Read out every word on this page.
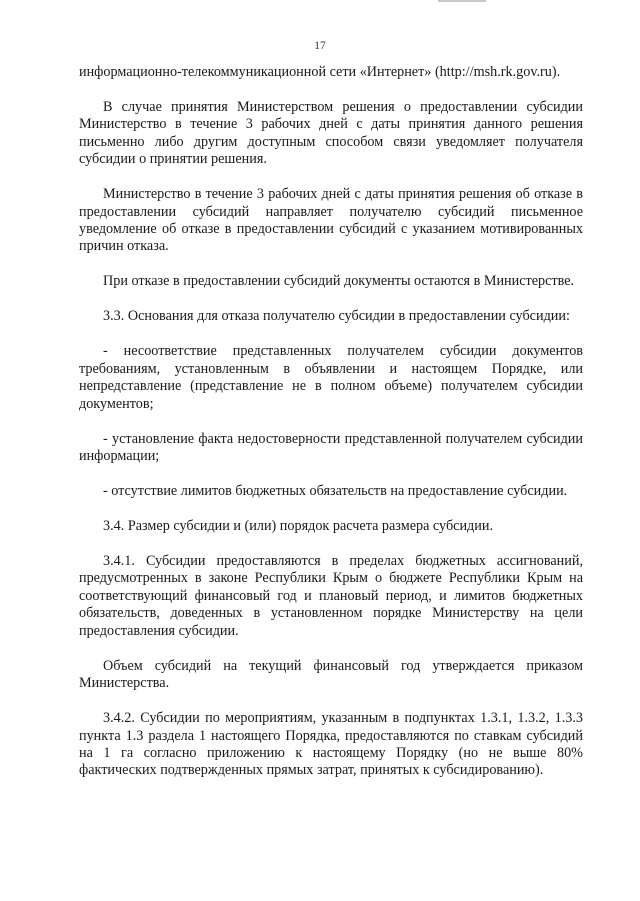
17

информационно-телекоммуникационной сети «Интернет» (http://msh.rk.gov.ru).

В случае принятия Министерством решения о предоставлении субсидии Министерство в течение 3 рабочих дней с даты принятия данного решения письменно либо другим доступным способом связи уведомляет получателя субсидии о принятии решения.

Министерство в течение 3 рабочих дней с даты принятия решения об отказе в предоставлении субсидий направляет получателю субсидий письменное уведомление об отказе в предоставлении субсидий с указанием мотивированных причин отказа.

При отказе в предоставлении субсидий документы остаются в Министерстве.

3.3. Основания для отказа получателю субсидии в предоставлении субсидии:

- несоответствие представленных получателем субсидии документов требованиям, установленным в объявлении и настоящем Порядке, или непредставление (представление не в полном объеме) получателем субсидии документов;

- установление факта недостоверности представленной получателем субсидии информации;

- отсутствие лимитов бюджетных обязательств на предоставление субсидии.

3.4. Размер субсидии и (или) порядок расчета размера субсидии.

3.4.1. Субсидии предоставляются в пределах бюджетных ассигнований, предусмотренных в законе Республики Крым о бюджете Республики Крым на соответствующий финансовый год и плановый период, и лимитов бюджетных обязательств, доведенных в установленном порядке Министерству на цели предоставления субсидии.

Объем субсидий на текущий финансовый год утверждается приказом Министерства.

3.4.2. Субсидии по мероприятиям, указанным в подпунктах 1.3.1, 1.3.2, 1.3.3 пункта 1.3 раздела 1 настоящего Порядка, предоставляются по ставкам субсидий на 1 га согласно приложению к настоящему Порядку (но не выше 80% фактических подтвержденных прямых затрат, принятых к субсидированию).
